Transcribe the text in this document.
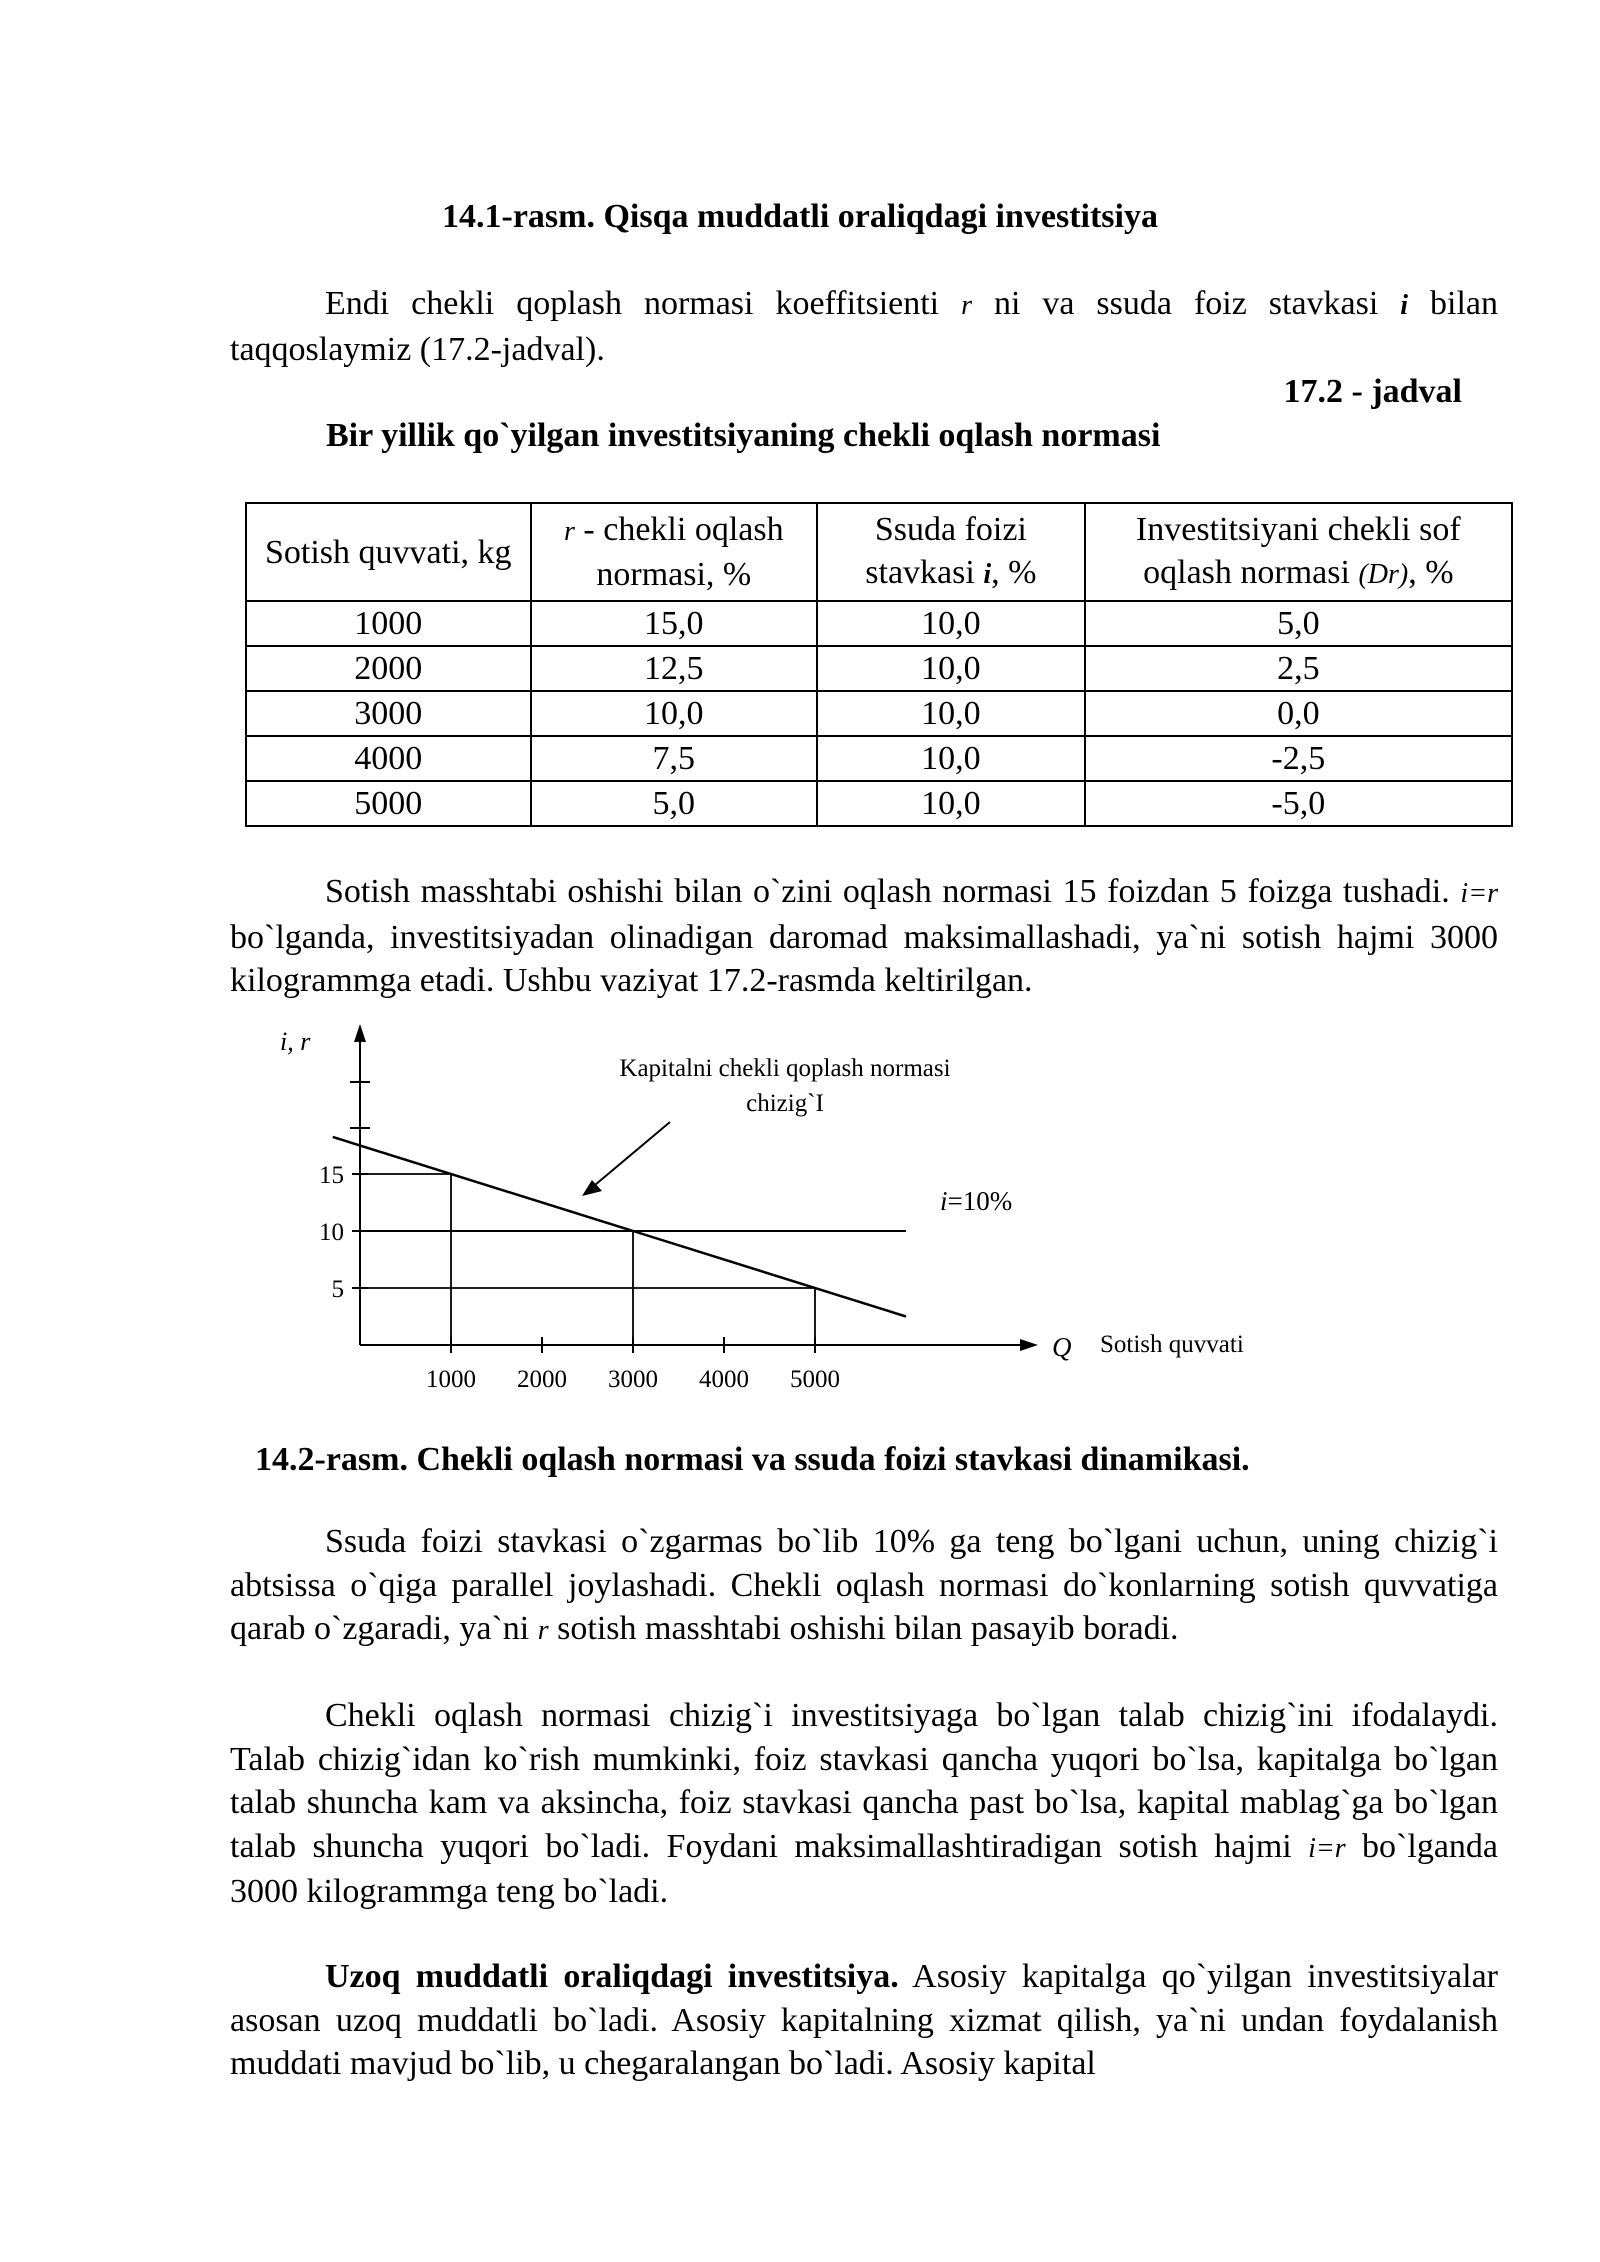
14.1-rasm. Qisqa muddatli oraliqdagi investitsiya

Endi chekli qoplash normasi koeffitsienti r ni va ssuda foiz stavkasi i bilan taqqoslaymiz (17.2-jadval).

17.2 - jadval
Bir yillik qo`yilgan investitsiyaning chekli oqlash normasi
Sotish quvvati, kg	r - chekli oqlash normasi, %	Ssuda foizi stavkasi i, %	Investitsiyani chekli sof oqlash normasi (Dr), %
1000	15,0	10,0	5,0
2000	12,5	10,0	2,5
3000	10,0	10,0	0,0
4000	7,5	10,0	-2,5
5000	5,0	10,0	-5,0

Sotish masshtabi oshishi bilan o`zini oqlash normasi 15 foizdan 5 foizga tushadi. i=r bo`lganda, investitsiyadan olinadigan daromad maksimallashadi, ya`ni sotish hajmi 3000 kilogrammga etadi. Ushbu vaziyat 17.2-rasmda keltirilgan.

1000 2000 3000 4000 5000
5
10
15
i, r
Q Sotish quvvati
Kapitalni chekli qoplash normasi
chizig`I
i=10%
14.2-rasm. Chekli oqlash normasi va ssuda foizi stavkasi dinamikasi.

Ssuda foizi stavkasi o`zgarmas bo`lib 10% ga teng bo`lgani uchun, uning chizig`i abtsissa o`qiga parallel joylashadi. Chekli oqlash normasi do`konlarning sotish quvvatiga qarab o`zgaradi, ya`ni r sotish masshtabi oshishi bilan pasayib boradi.

Chekli oqlash normasi chizig`i investitsiyaga bo`lgan talab chizig`ini ifodalaydi. Talab chizig`idan ko`rish mumkinki, foiz stavkasi qancha yuqori bo`lsa, kapitalga bo`lgan talab shuncha kam va aksincha, foiz stavkasi qancha past bo`lsa, kapital mablag`ga bo`lgan talab shuncha yuqori bo`ladi. Foydani maksimallashtiradigan sotish hajmi i=r bo`lganda 3000 kilogrammga teng bo`ladi.

Uzoq muddatli oraliqdagi investitsiya. Asosiy kapitalga qo`yilgan investitsiyalar asosan uzoq muddatli bo`ladi. Asosiy kapitalning xizmat qilish, ya`ni undan foydalanish muddati mavjud bo`lib, u chegaralangan bo`ladi. Asosiy kapital
